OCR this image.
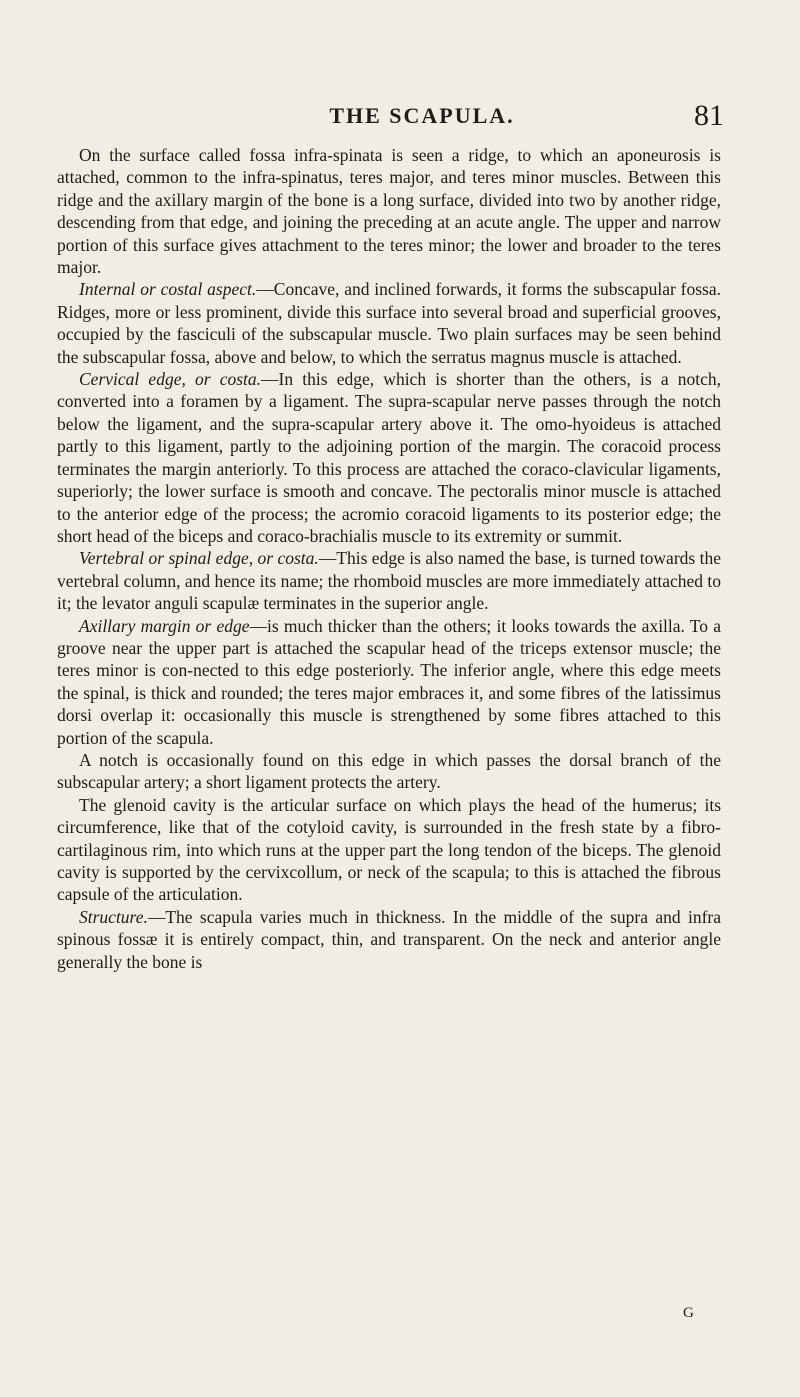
THE SCAPULA.	81

On the surface called fossa infra-spinata is seen a ridge, to which an aponeurosis is attached, common to the infra-spinatus, teres major, and teres minor muscles. Between this ridge and the axillary margin of the bone is a long surface, divided into two by another ridge, descending from that edge, and joining the preceding at an acute angle. The upper and narrow portion of this surface gives attachment to the teres minor; the lower and broader to the teres major.

Internal or costal aspect.—Concave, and inclined forwards, it forms the subscapular fossa. Ridges, more or less prominent, divide this surface into several broad and superficial grooves, occupied by the fasciculi of the subscapular muscle. Two plain surfaces may be seen behind the subscapular fossa, above and below, to which the serratus magnus muscle is attached.

Cervical edge, or costa.—In this edge, which is shorter than the others, is a notch, converted into a foramen by a ligament. The supra-scapular nerve passes through the notch below the ligament, and the supra-scapular artery above it. The omo-hyoideus is attached partly to this ligament, partly to the adjoining portion of the margin. The coracoid process terminates the margin anteriorly. To this process are attached the coraco-clavicular ligaments, superiorly; the lower surface is smooth and concave. The pectoralis minor muscle is attached to the anterior edge of the process; the acromio coracoid ligaments to its posterior edge; the short head of the biceps and coraco-brachialis muscle to its extremity or summit.

Vertebral or spinal edge, or costa.—This edge is also named the base, is turned towards the vertebral column, and hence its name; the rhomboid muscles are more immediately attached to it; the levator anguli scapulæ terminates in the superior angle.

Axillary margin or edge—is much thicker than the others; it looks towards the axilla. To a groove near the upper part is attached the scapular head of the triceps extensor muscle; the teres minor is con-nected to this edge posteriorly. The inferior angle, where this edge meets the spinal, is thick and rounded; the teres major embraces it, and some fibres of the latissimus dorsi overlap it: occasionally this muscle is strengthened by some fibres attached to this portion of the scapula.

A notch is occasionally found on this edge in which passes the dorsal branch of the subscapular artery; a short ligament protects the artery.

The glenoid cavity is the articular surface on which plays the head of the humerus; its circumference, like that of the cotyloid cavity, is surrounded in the fresh state by a fibro-cartilaginous rim, into which runs at the upper part the long tendon of the biceps. The glenoid cavity is supported by the cervixcollum, or neck of the scapula; to this is attached the fibrous capsule of the articulation.

Structure.—The scapula varies much in thickness. In the middle of the supra and infra spinous fossæ it is entirely compact, thin, and transparent. On the neck and anterior angle generally the bone is

G
